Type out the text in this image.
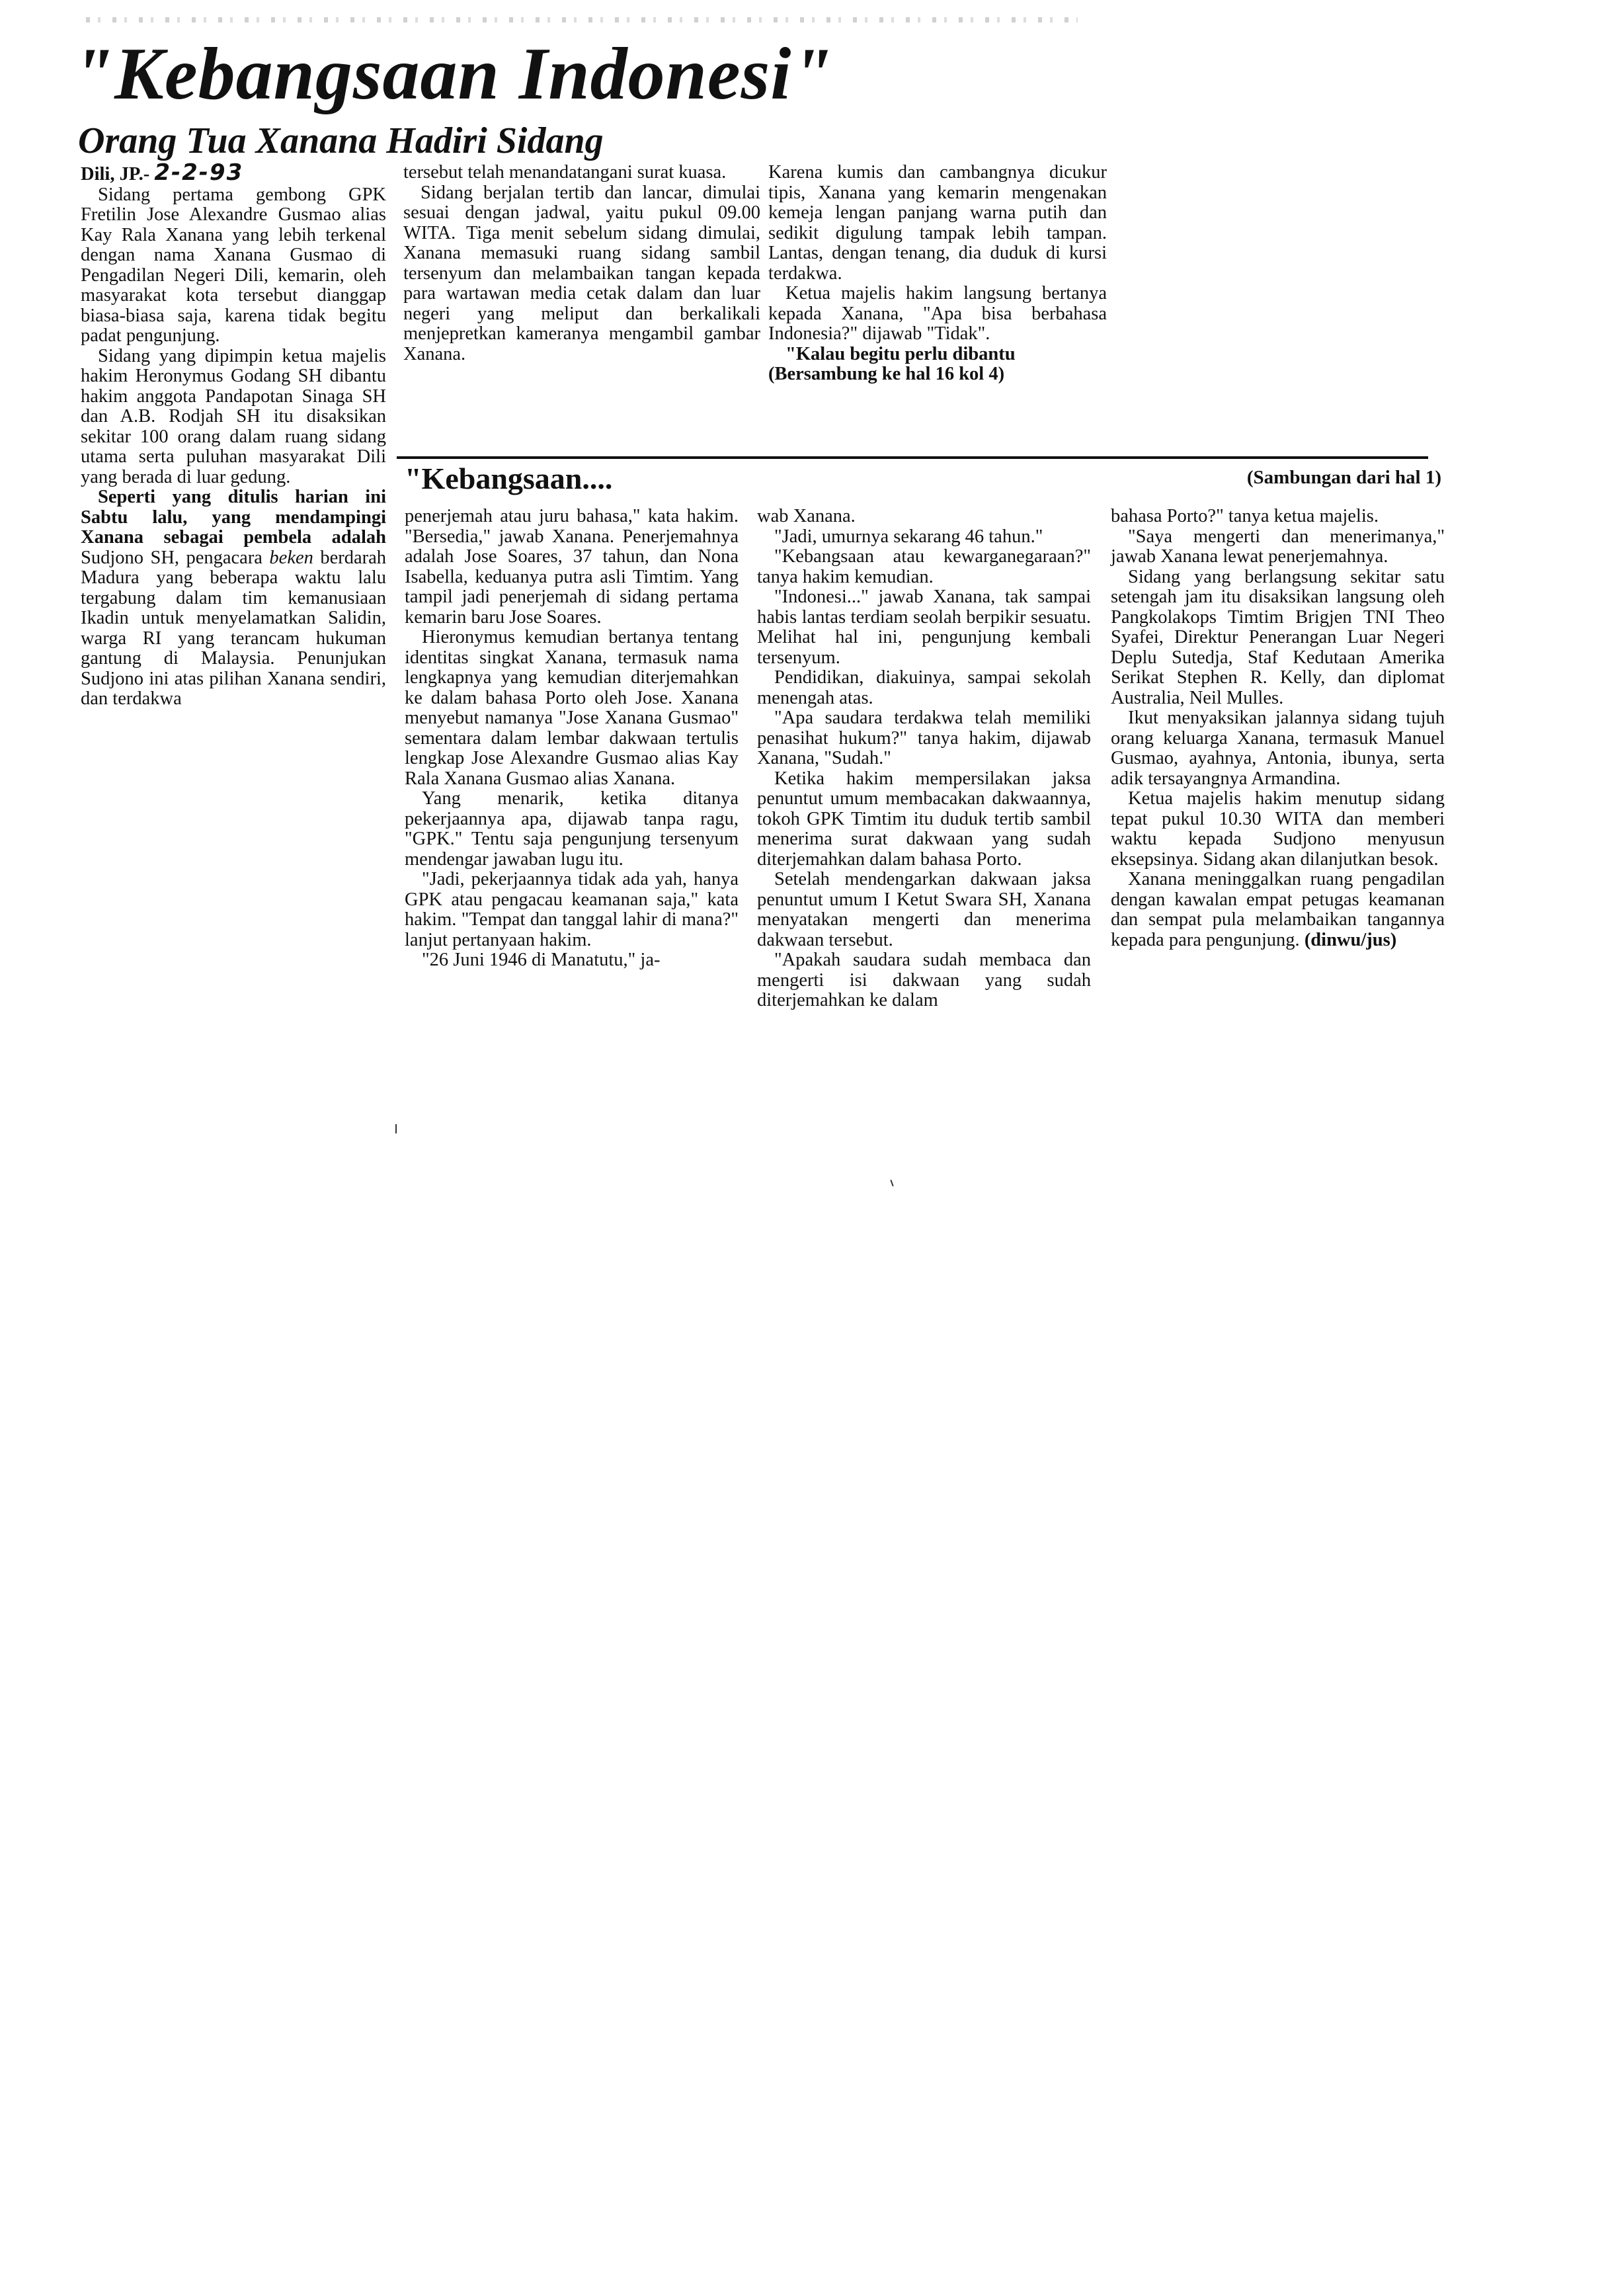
"Kebangsaan Indonesi"
Orang Tua Xanana Hadiri Sidang

Dili, JP.- 2-2-93

Sidang pertama gembong GPK Fretilin Jose Alexandre Gusmao alias Kay Rala Xanana yang lebih terkenal dengan nama Xanana Gusmao di Pengadilan Negeri Dili, kemarin, oleh masyarakat kota tersebut dianggap biasa-biasa saja, karena tidak begitu padat pengunjung.

Sidang yang dipimpin ketua majelis hakim Heronymus Godang SH dibantu hakim anggota Pandapotan Sinaga SH dan A.B. Rodjah SH itu disaksikan sekitar 100 orang dalam ruang sidang utama serta puluhan masyarakat Dili yang berada di luar gedung.

Seperti yang ditulis harian ini Sabtu lalu, yang mendampingi Xanana sebagai pembela adalah Sudjono SH, pengacara beken berdarah Madura yang beberapa waktu lalu tergabung dalam tim kemanusiaan Ikadin untuk menyelamatkan Salidin, warga RI yang terancam hukuman gantung di Malaysia. Penunjukan Sudjono ini atas pilihan Xanana sendiri, dan terdakwa

tersebut telah menandatangani surat kuasa.

Sidang berjalan tertib dan lancar, dimulai sesuai dengan jadwal, yaitu pukul 09.00 WITA. Tiga menit sebelum sidang dimulai, Xanana memasuki ruang sidang sambil tersenyum dan melambaikan tangan kepada para wartawan media cetak dalam dan luar negeri yang meliput dan berkalikali menjepretkan kameranya mengambil gambar Xanana.

Karena kumis dan cambangnya dicukur tipis, Xanana yang kemarin mengenakan kemeja lengan panjang warna putih dan sedikit digulung tampak lebih tampan. Lantas, dengan tenang, dia duduk di kursi terdakwa.

Ketua majelis hakim langsung bertanya kepada Xanana, "Apa bisa berbahasa Indonesia?" dijawab "Tidak".

"Kalau begitu perlu dibantu

(Bersambung ke hal 16 kol 4)

"Kebangsaan....	(Sambungan dari hal 1)

penerjemah atau juru bahasa," kata hakim. "Bersedia," jawab Xanana. Penerjemahnya adalah Jose Soares, 37 tahun, dan Nona Isabella, keduanya putra asli Timtim. Yang tampil jadi penerjemah di sidang pertama kemarin baru Jose Soares.

Hieronymus kemudian bertanya tentang identitas singkat Xanana, termasuk nama lengkapnya yang kemudian diterjemahkan ke dalam bahasa Porto oleh Jose. Xanana menyebut namanya "Jose Xanana Gusmao" sementara dalam lembar dakwaan tertulis lengkap Jose Alexandre Gusmao alias Kay Rala Xanana Gusmao alias Xanana.

Yang menarik, ketika ditanya pekerjaannya apa, dijawab tanpa ragu, "GPK." Tentu saja pengunjung tersenyum mendengar jawaban lugu itu.

"Jadi, pekerjaannya tidak ada yah, hanya GPK atau pengacau keamanan saja," kata hakim. "Tempat dan tanggal lahir di mana?" lanjut pertanyaan hakim.

"26 Juni 1946 di Manatutu," ja-

wab Xanana.

"Jadi, umurnya sekarang 46 tahun."

"Kebangsaan atau kewarganegaraan?" tanya hakim kemudian.

"Indonesi..." jawab Xanana, tak sampai habis lantas terdiam seolah berpikir sesuatu. Melihat hal ini, pengunjung kembali tersenyum.

Pendidikan, diakuinya, sampai sekolah menengah atas.

"Apa saudara terdakwa telah memiliki penasihat hukum?" tanya hakim, dijawab Xanana, "Sudah."

Ketika hakim mempersilakan jaksa penuntut umum membacakan dakwaannya, tokoh GPK Timtim itu duduk tertib sambil menerima surat dakwaan yang sudah diterjemahkan dalam bahasa Porto.

Setelah mendengarkan dakwaan jaksa penuntut umum I Ketut Swara SH, Xanana menyatakan mengerti dan menerima dakwaan tersebut.

"Apakah saudara sudah membaca dan mengerti isi dakwaan yang sudah diterjemahkan ke dalam

bahasa Porto?" tanya ketua majelis.

"Saya mengerti dan menerimanya," jawab Xanana lewat penerjemahnya.

Sidang yang berlangsung sekitar satu setengah jam itu disaksikan langsung oleh Pangkolakops Timtim Brigjen TNI Theo Syafei, Direktur Penerangan Luar Negeri Deplu Sutedja, Staf Kedutaan Amerika Serikat Stephen R. Kelly, dan diplomat Australia, Neil Mulles.

Ikut menyaksikan jalannya sidang tujuh orang keluarga Xanana, termasuk Manuel Gusmao, ayahnya, Antonia, ibunya, serta adik tersayangnya Armandina.

Ketua majelis hakim menutup sidang tepat pukul 10.30 WITA dan memberi waktu kepada Sudjono menyusun eksepsinya. Sidang akan dilanjutkan besok.

Xanana meninggalkan ruang pengadilan dengan kawalan empat petugas keamanan dan sempat pula melambaikan tangannya kepada para pengunjung. (dinwu/jus)
